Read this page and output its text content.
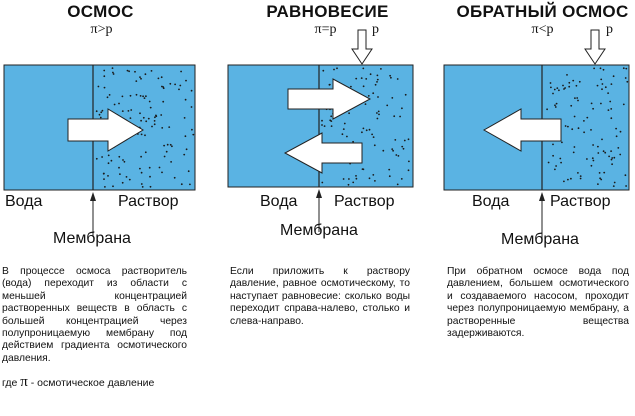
ОСМОС
π>p
Вода	Раствор
Мембрана
РАВНОВЕСИЕ
π=p	p
Вода Раствор
Мембрана
ОБРАТНЫЙ ОСМОС
π<p	p
Вода	Раствор
Мембрана
В процессе осмоса растворитель (вода) переходит из области с меньшей концентрацией растворенных веществ в область с большей концентрацией через полупроницаемую мембрану под действием градиента осмотического давления.
Если приложить к раствору давление, равное осмотическому, то наступает равновесие: сколько воды переходит справа-налево, столько и слева-направо.
При обратном осмосе вода под давлением, большем осмотического и создаваемого насосом, проходит через полупроницаемую мембрану, а растворенные вещества задерживаются.
где π - осмотическое давление
